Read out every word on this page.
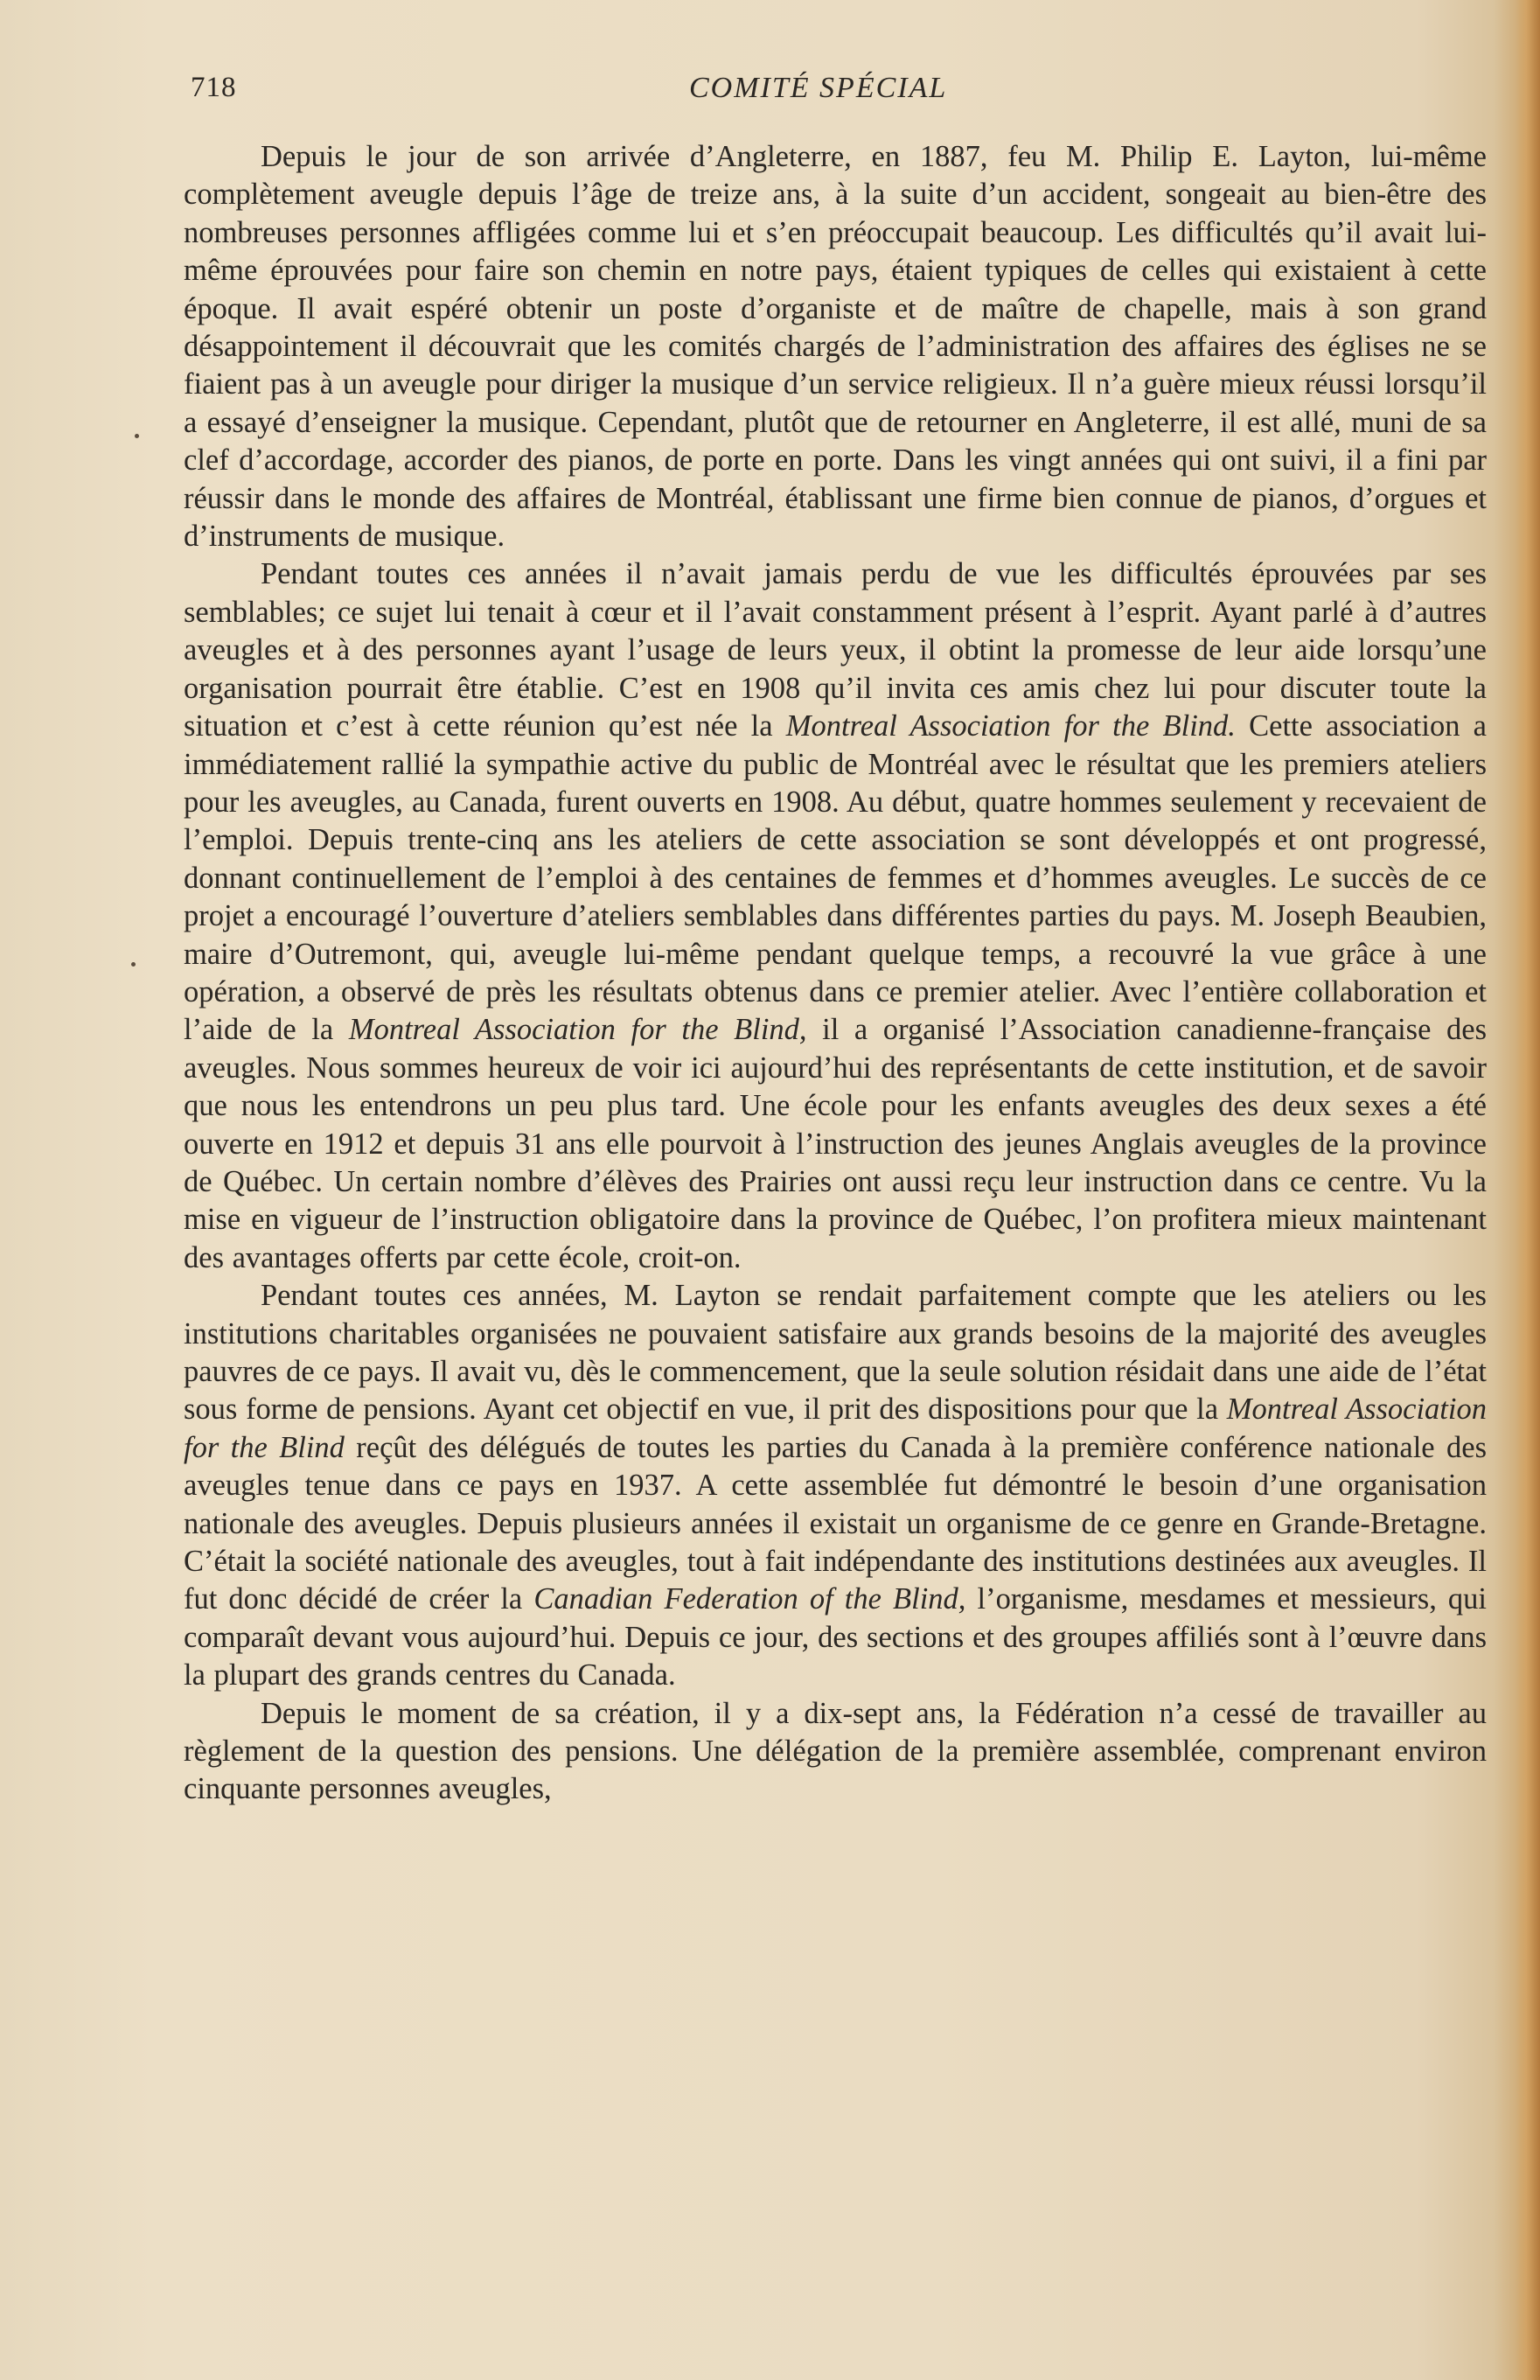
718	COMITÉ SPÉCIAL

Depuis le jour de son arrivée d’Angleterre, en 1887, feu M. Philip E. Layton, lui-même complètement aveugle depuis l’âge de treize ans, à la suite d’un accident, songeait au bien-être des nombreuses personnes affligées comme lui et s’en préoccupait beaucoup. Les difficultés qu’il avait lui-même éprouvées pour faire son chemin en notre pays, étaient typiques de celles qui existaient à cette époque. Il avait espéré obtenir un poste d’organiste et de maître de chapelle, mais à son grand désappointement il découvrait que les comités chargés de l’administration des affaires des églises ne se fiaient pas à un aveugle pour diriger la musique d’un service religieux. Il n’a guère mieux réussi lorsqu’il a essayé d’enseigner la musique. Cependant, plutôt que de retourner en Angleterre, il est allé, muni de sa clef d’accordage, accorder des pianos, de porte en porte. Dans les vingt années qui ont suivi, il a fini par réussir dans le monde des affaires de Montréal, établissant une firme bien connue de pianos, d’orgues et d’instruments de musique.

Pendant toutes ces années il n’avait jamais perdu de vue les difficultés éprouvées par ses semblables; ce sujet lui tenait à cœur et il l’avait constamment présent à l’esprit. Ayant parlé à d’autres aveugles et à des personnes ayant l’usage de leurs yeux, il obtint la promesse de leur aide lorsqu’une organisation pourrait être établie. C’est en 1908 qu’il invita ces amis chez lui pour discuter toute la situation et c’est à cette réunion qu’est née la Montreal Association for the Blind. Cette association a immédiatement rallié la sympathie active du public de Montréal avec le résultat que les premiers ateliers pour les aveugles, au Canada, furent ouverts en 1908. Au début, quatre hommes seulement y recevaient de l’emploi. Depuis trente-cinq ans les ateliers de cette association se sont développés et ont progressé, donnant continuellement de l’emploi à des centaines de femmes et d’hommes aveugles. Le succès de ce projet a encouragé l’ouverture d’ateliers semblables dans différentes parties du pays. M. Joseph Beaubien, maire d’Outremont, qui, aveugle lui-même pendant quelque temps, a recouvré la vue grâce à une opération, a observé de près les résultats obtenus dans ce premier atelier. Avec l’entière collaboration et l’aide de la Montreal Association for the Blind, il a organisé l’Association canadienne-française des aveugles. Nous sommes heureux de voir ici aujourd’hui des représentants de cette institution, et de savoir que nous les entendrons un peu plus tard. Une école pour les enfants aveugles des deux sexes a été ouverte en 1912 et depuis 31 ans elle pourvoit à l’instruction des jeunes Anglais aveugles de la province de Québec. Un certain nombre d’élèves des Prairies ont aussi reçu leur instruction dans ce centre. Vu la mise en vigueur de l’instruction obligatoire dans la province de Québec, l’on profitera mieux maintenant des avantages offerts par cette école, croit-on.

Pendant toutes ces années, M. Layton se rendait parfaitement compte que les ateliers ou les institutions charitables organisées ne pouvaient satisfaire aux grands besoins de la majorité des aveugles pauvres de ce pays. Il avait vu, dès le commencement, que la seule solution résidait dans une aide de l’état sous forme de pensions. Ayant cet objectif en vue, il prit des dispositions pour que la Montreal Association for the Blind reçût des délégués de toutes les parties du Canada à la première conférence nationale des aveugles tenue dans ce pays en 1937. A cette assemblée fut démontré le besoin d’une organisation nationale des aveugles. Depuis plusieurs années il existait un organisme de ce genre en Grande-Bretagne. C’était la société nationale des aveugles, tout à fait indépendante des institutions destinées aux aveugles. Il fut donc décidé de créer la Canadian Federation of the Blind, l’organisme, mesdames et messieurs, qui comparaît devant vous aujourd’hui. Depuis ce jour, des sections et des groupes affiliés sont à l’œuvre dans la plupart des grands centres du Canada.

Depuis le moment de sa création, il y a dix-sept ans, la Fédération n’a cessé de travailler au règlement de la question des pensions. Une délégation de la première assemblée, comprenant environ cinquante personnes aveugles,
